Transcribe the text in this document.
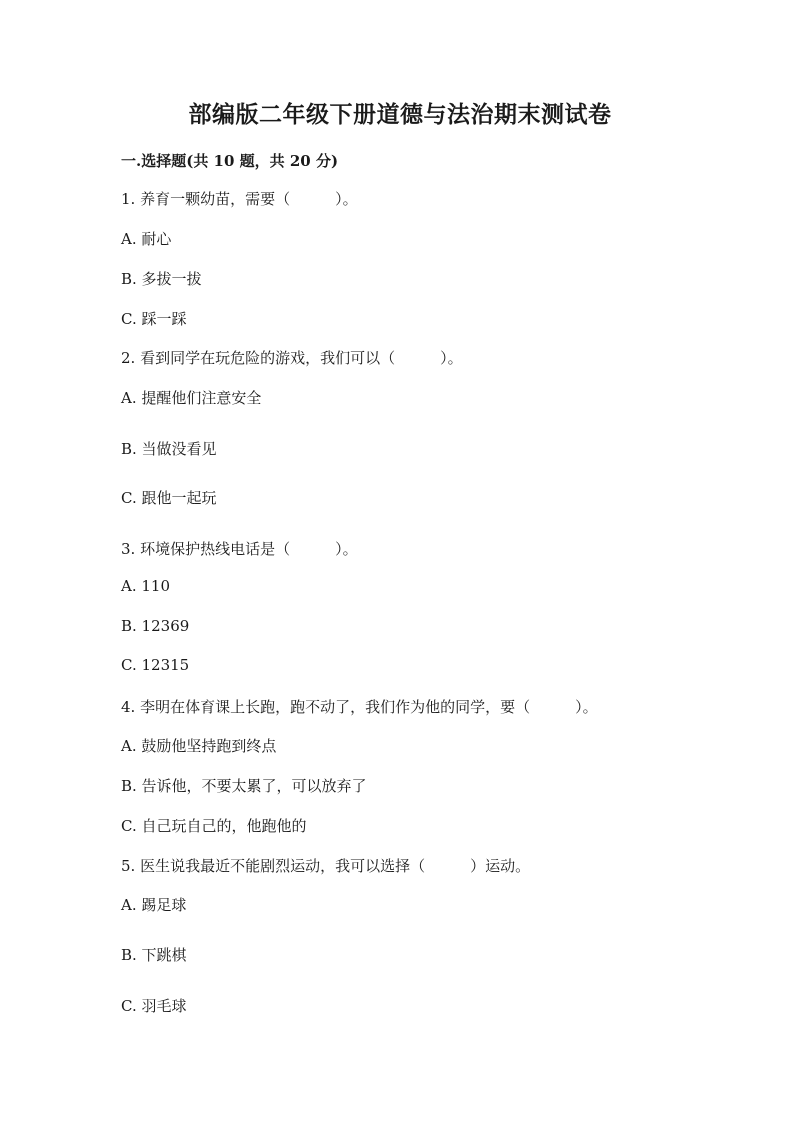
部编版二年级下册道德与法治期末测试卷
一.选择题(共 10 题，共 20 分)
1. 养育一颗幼苗，需要（　　　）。
A. 耐心
B. 多拔一拔
C. 踩一踩
2. 看到同学在玩危险的游戏，我们可以（　　　）。
A. 提醒他们注意安全
B. 当做没看见
C. 跟他一起玩
3. 环境保护热线电话是（　　　）。
A. 110
B. 12369
C. 12315
4. 李明在体育课上长跑，跑不动了，我们作为他的同学，要（　　　）。
A. 鼓励他坚持跑到终点
B. 告诉他，不要太累了，可以放弃了
C. 自己玩自己的，他跑他的
5. 医生说我最近不能剧烈运动，我可以选择（　　　）运动。
A. 踢足球
B. 下跳棋
C. 羽毛球
